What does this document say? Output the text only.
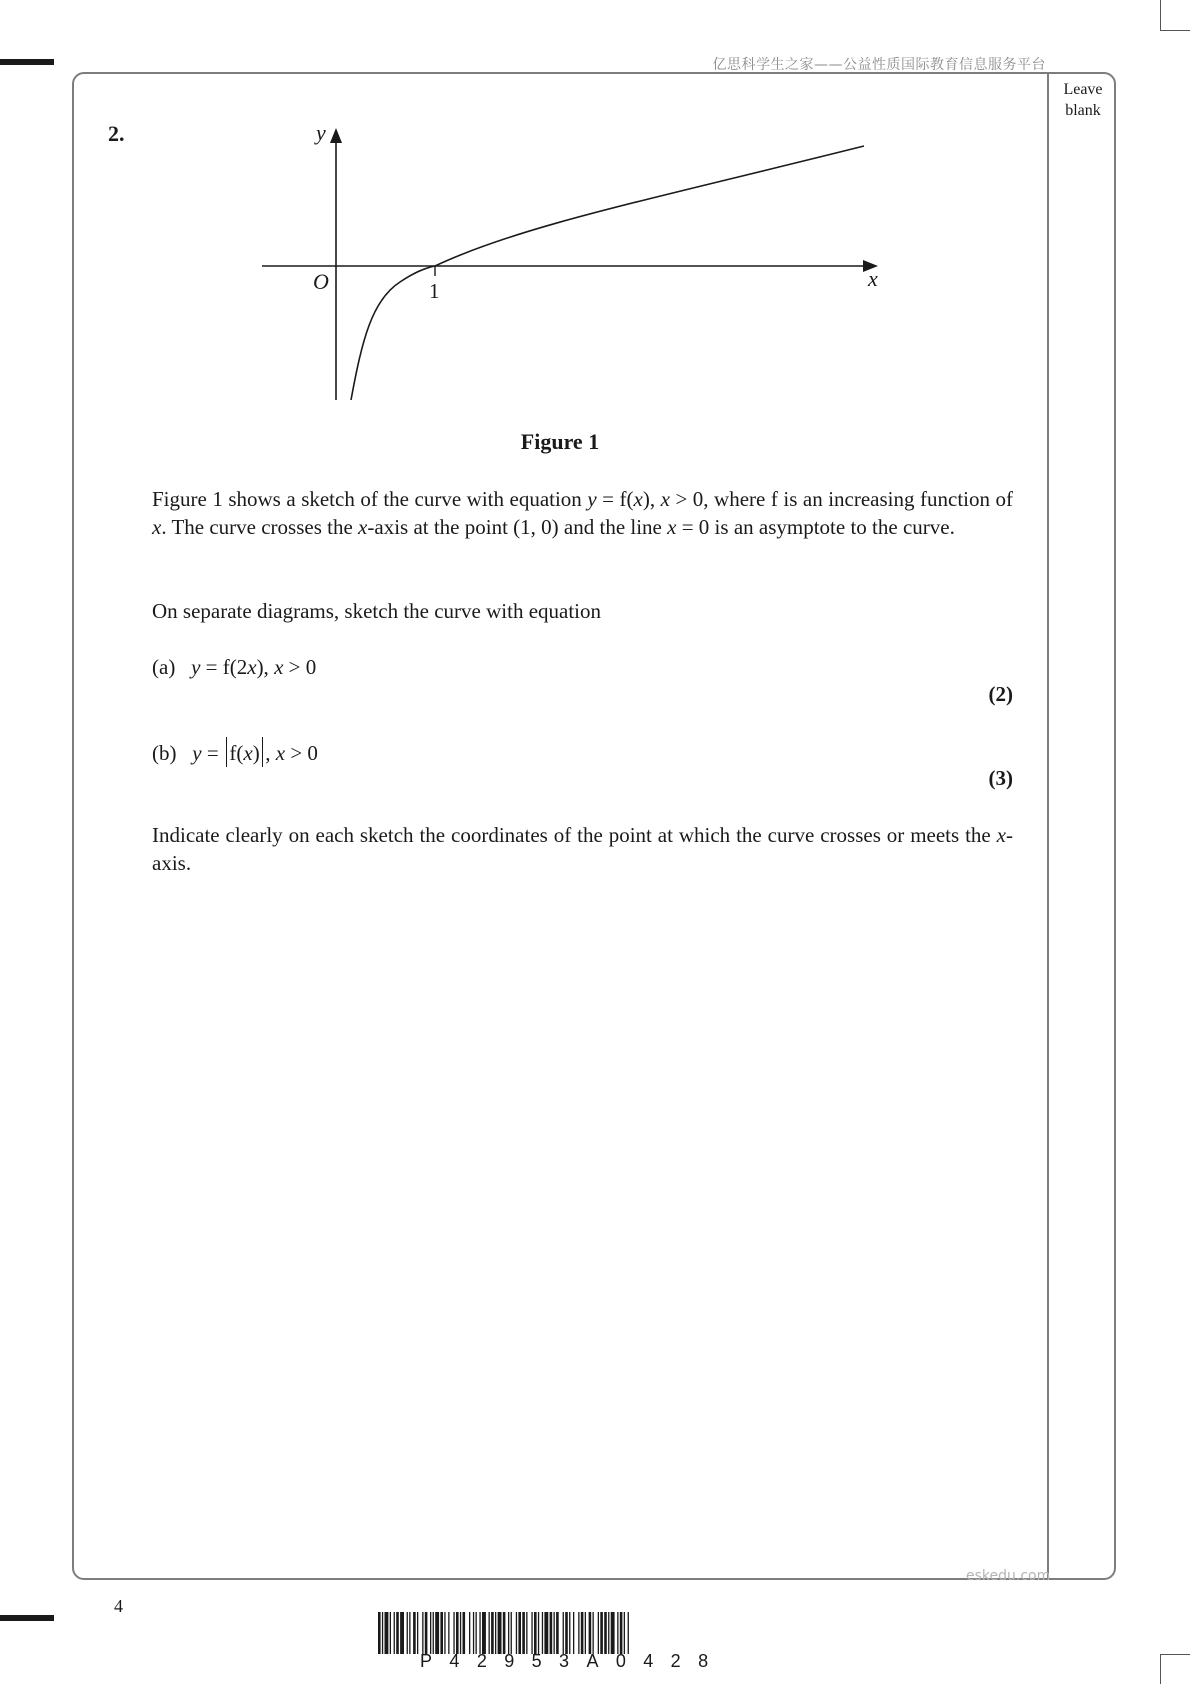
亿思科学生之家——公益性质国际教育信息服务平台
Leave
blank
2.	y
x
O	1
Figure 1
Figure 1 shows a sketch of the curve with equation y = f(x), x > 0, where f is an increasing function of x. The curve crosses the x-axis at the point (1, 0) and the line x = 0 is an asymptote to the curve.
On separate diagrams, sketch the curve with equation
(a) y = f(2x), x > 0
(2)
(b) y = f(x) , x > 0
(3)
Indicate clearly on each sketch the coordinates of the point at which the curve crosses or meets the x-axis.
eskedu.com
4
P42953A0428
